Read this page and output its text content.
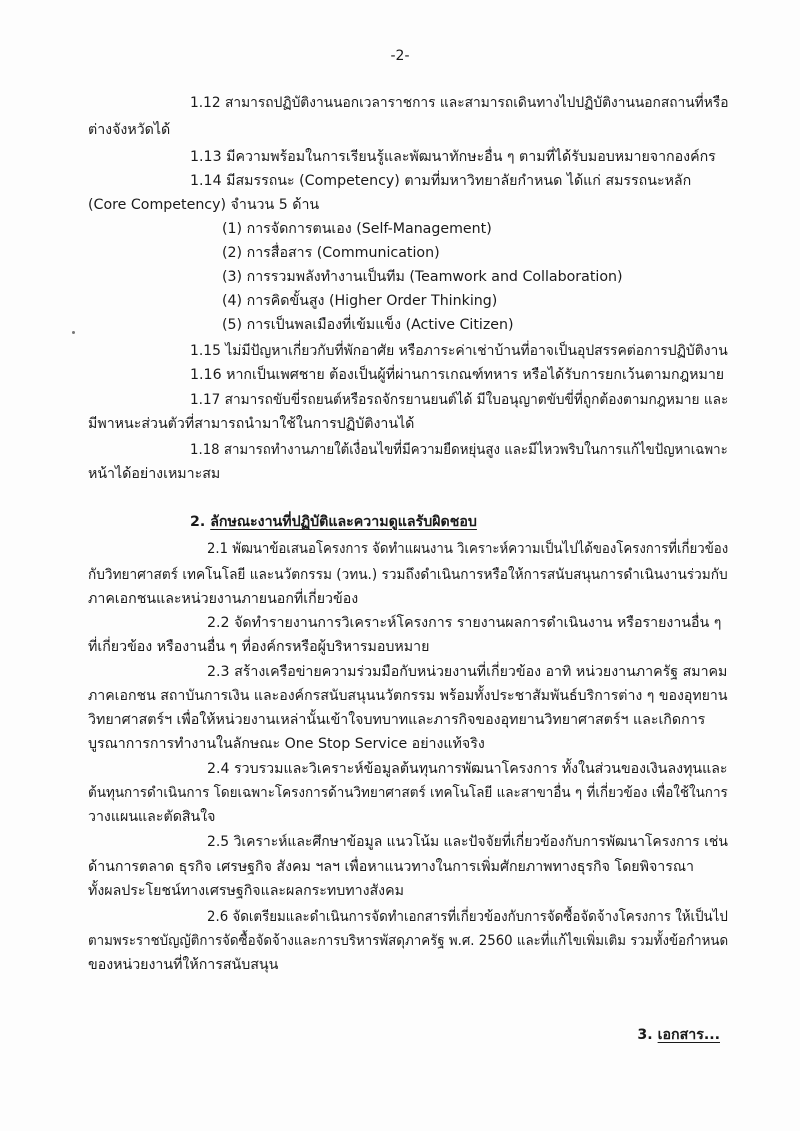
-2-
1.12 สามารถปฏิบัติงานนอกเวลาราชการ และสามารถเดินทางไปปฏิบัติงานนอกสถานที่หรือ
ต่างจังหวัดได้
1.13 มีความพร้อมในการเรียนรู้และพัฒนาทักษะอื่น ๆ ตามที่ได้รับมอบหมายจากองค์กร
1.14 มีสมรรถนะ (Competency) ตามที่มหาวิทยาลัยกำหนด ได้แก่ สมรรถนะหลัก
(Core Competency) จำนวน 5 ด้าน
(1) การจัดการตนเอง (Self-Management)
(2) การสื่อสาร (Communication)
(3) การรวมพลังทำงานเป็นทีม (Teamwork and Collaboration)
(4) การคิดขั้นสูง (Higher Order Thinking)
(5) การเป็นพลเมืองที่เข้มแข็ง (Active Citizen)
1.15 ไม่มีปัญหาเกี่ยวกับที่พักอาศัย หรือภาระค่าเช่าบ้านที่อาจเป็นอุปสรรคต่อการปฏิบัติงาน
1.16 หากเป็นเพศชาย ต้องเป็นผู้ที่ผ่านการเกณฑ์ทหาร หรือได้รับการยกเว้นตามกฎหมาย
1.17 สามารถขับขี่รถยนต์หรือรถจักรยานยนต์ได้ มีใบอนุญาตขับขี่ที่ถูกต้องตามกฎหมาย และ
มีพาหนะส่วนตัวที่สามารถนำมาใช้ในการปฏิบัติงานได้
1.18 สามารถทำงานภายใต้เงื่อนไขที่มีความยืดหยุ่นสูง และมีไหวพริบในการแก้ไขปัญหาเฉพาะ
หน้าได้อย่างเหมาะสม
2. ลักษณะงานที่ปฏิบัติและความดูแลรับผิดชอบ
2.1 พัฒนาข้อเสนอโครงการ จัดทำแผนงาน วิเคราะห์ความเป็นไปได้ของโครงการที่เกี่ยวข้อง
กับวิทยาศาสตร์ เทคโนโลยี และนวัตกรรม (วทน.) รวมถึงดำเนินการหรือให้การสนับสนุนการดำเนินงานร่วมกับ
ภาคเอกชนและหน่วยงานภายนอกที่เกี่ยวข้อง
2.2 จัดทำรายงานการวิเคราะห์โครงการ รายงานผลการดำเนินงาน หรือรายงานอื่น ๆ
ที่เกี่ยวข้อง หรืองานอื่น ๆ ที่องค์กรหรือผู้บริหารมอบหมาย
2.3 สร้างเครือข่ายความร่วมมือกับหน่วยงานที่เกี่ยวข้อง อาทิ หน่วยงานภาครัฐ สมาคม
ภาคเอกชน สถาบันการเงิน และองค์กรสนับสนุนนวัตกรรม พร้อมทั้งประชาสัมพันธ์บริการต่าง ๆ ของอุทยาน
วิทยาศาสตร์ฯ เพื่อให้หน่วยงานเหล่านั้นเข้าใจบทบาทและภารกิจของอุทยานวิทยาศาสตร์ฯ และเกิดการ
บูรณาการการทำงานในลักษณะ One Stop Service อย่างแท้จริง
2.4 รวบรวมและวิเคราะห์ข้อมูลต้นทุนการพัฒนาโครงการ ทั้งในส่วนของเงินลงทุนและ
ต้นทุนการดำเนินการ โดยเฉพาะโครงการด้านวิทยาศาสตร์ เทคโนโลยี และสาขาอื่น ๆ ที่เกี่ยวข้อง เพื่อใช้ในการ
วางแผนและตัดสินใจ
2.5 วิเคราะห์และศึกษาข้อมูล แนวโน้ม และปัจจัยที่เกี่ยวข้องกับการพัฒนาโครงการ เช่น
ด้านการตลาด ธุรกิจ เศรษฐกิจ สังคม ฯลฯ เพื่อหาแนวทางในการเพิ่มศักยภาพทางธุรกิจ โดยพิจารณา
ทั้งผลประโยชน์ทางเศรษฐกิจและผลกระทบทางสังคม
2.6 จัดเตรียมและดำเนินการจัดทำเอกสารที่เกี่ยวข้องกับการจัดซื้อจัดจ้างโครงการ ให้เป็นไป
ตามพระราชบัญญัติการจัดซื้อจัดจ้างและการบริหารพัสดุภาครัฐ พ.ศ. 2560 และที่แก้ไขเพิ่มเติม รวมทั้งข้อกำหนด
ของหน่วยงานที่ให้การสนับสนุน
3. เอกสาร...
